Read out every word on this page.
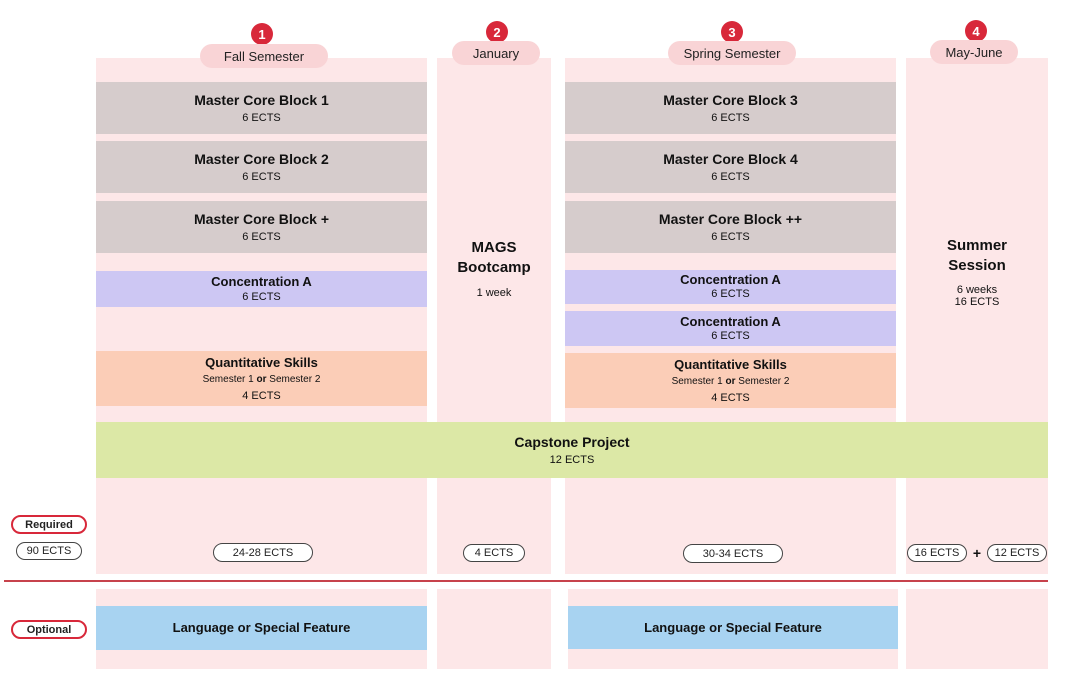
1
Fall Semester
2
January
3
Spring Semester
4
May-June
Master Core Block 1
6 ECTS
Master Core Block 2
6 ECTS
Master Core Block +
6 ECTS
Concentration A
6 ECTS
Quantitative Skills
Semester 1 or Semester 2
4 ECTS
MAGS
Bootcamp
1 week
Master Core Block 3
6 ECTS
Master Core Block 4
6 ECTS
Master Core Block ++
6 ECTS
Concentration A
6 ECTS
Concentration A
6 ECTS
Quantitative Skills
Semester 1 or Semester 2
4 ECTS
Summer
Session
6 weeks
16 ECTS
Capstone Project
12 ECTS
Required
90 ECTS
Optional
24-28 ECTS	4 ECTS	30-34 ECTS	16 ECTS +	12 ECTS
Language or Special Feature	Language or Special Feature
